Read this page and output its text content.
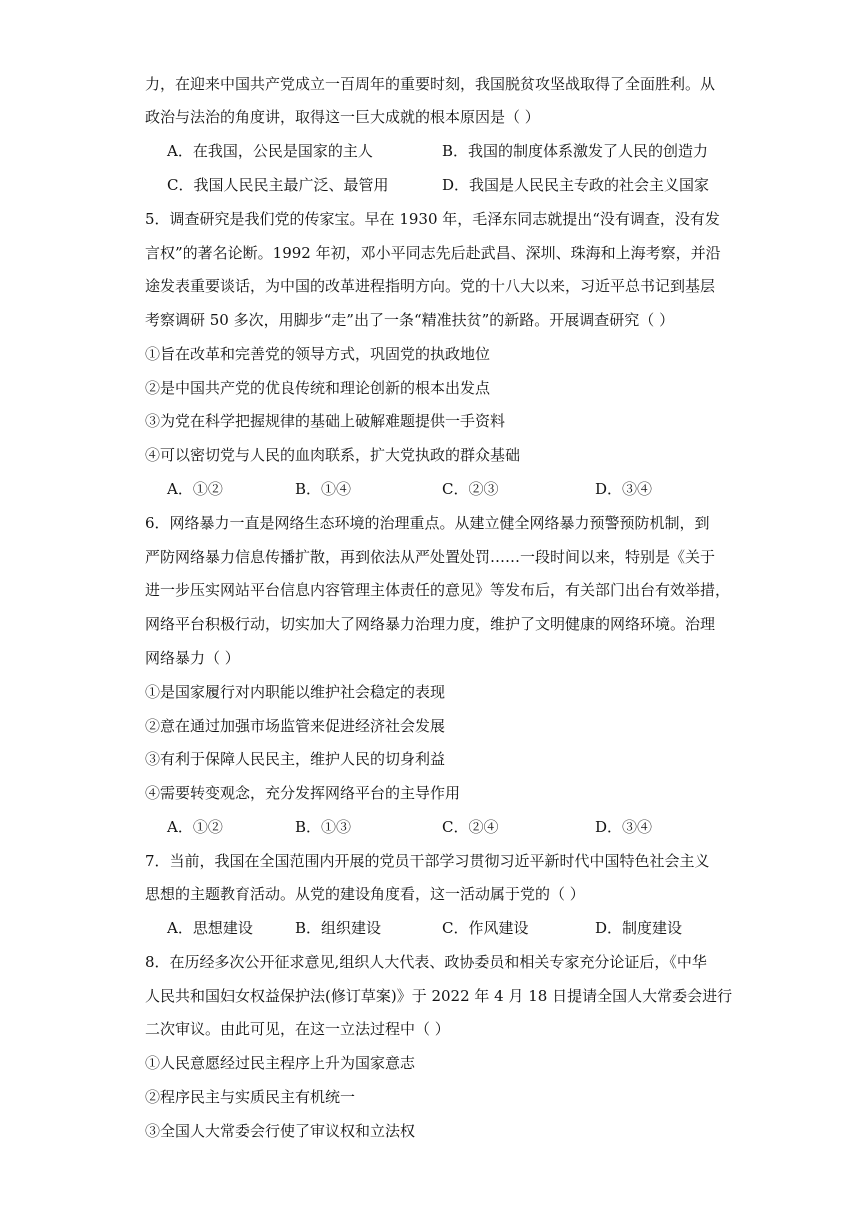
力，在迎来中国共产党成立一百周年的重要时刻，我国脱贫攻坚战取得了全面胜利。从
政治与法治的角度讲，取得这一巨大成就的根本原因是（ ）
A．在我国，公民是国家的主人	B．我国的制度体系激发了人民的创造力
C．我国人民民主最广泛、最管用	D．我国是人民民主专政的社会主义国家
5．调查研究是我们党的传家宝。早在 1930 年，毛泽东同志就提出“没有调查，没有发
言权”的著名论断。1992 年初，邓小平同志先后赴武昌、深圳、珠海和上海考察，并沿
途发表重要谈话，为中国的改革进程指明方向。党的十八大以来，习近平总书记到基层
考察调研 50 多次，用脚步“走”出了一条“精准扶贫”的新路。开展调查研究（ ）
①旨在改革和完善党的领导方式，巩固党的执政地位
②是中国共产党的优良传统和理论创新的根本出发点
③为党在科学把握规律的基础上破解难题提供一手资料
④可以密切党与人民的血肉联系，扩大党执政的群众基础
A．①②	B．①④	C．②③	D．③④
6．网络暴力一直是网络生态环境的治理重点。从建立健全网络暴力预警预防机制，到
严防网络暴力信息传播扩散，再到依法从严处置处罚……一段时间以来，特别是《关于
进一步压实网站平台信息内容管理主体责任的意见》等发布后，有关部门出台有效举措，
网络平台积极行动，切实加大了网络暴力治理力度，维护了文明健康的网络环境。治理
网络暴力（ ）
①是国家履行对内职能以维护社会稳定的表现
②意在通过加强市场监管来促进经济社会发展
③有利于保障人民民主，维护人民的切身利益
④需要转变观念，充分发挥网络平台的主导作用
A．①②	B．①③	C．②④	D．③④
7．当前，我国在全国范围内开展的党员干部学习贯彻习近平新时代中国特色社会主义
思想的主题教育活动。从党的建设角度看，这一活动属于党的（ ）
A．思想建设	B．组织建设	C．作风建设	D．制度建设
8．在历经多次公开征求意见,组织人大代表、政协委员和相关专家充分论证后，《中华
人民共和国妇女权益保护法(修订草案)》于 2022 年 4 月 18 日提请全国人大常委会进行
二次审议。由此可见，在这一立法过程中（ ）
①人民意愿经过民主程序上升为国家意志
②程序民主与实质民主有机统一
③全国人大常委会行使了审议权和立法权
